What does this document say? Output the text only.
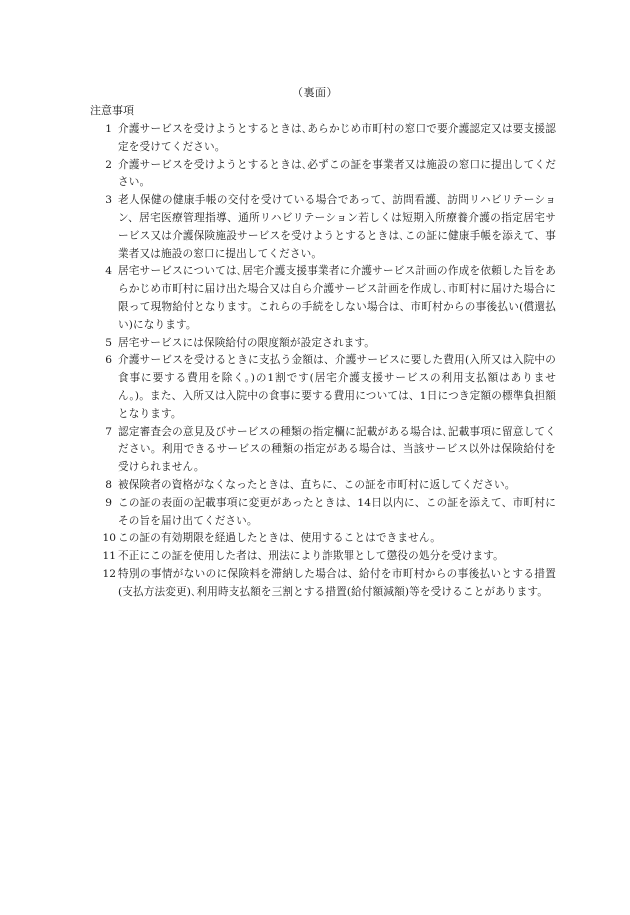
（裏面）
注意事項
1 介護サービスを受けようとするときは､あらかじめ市町村の窓口で要介護認定又は要支援認定を受けてください。
2 介護サービスを受けようとするときは､必ずこの証を事業者又は施設の窓口に提出してください。
3 老人保健の健康手帳の交付を受けている場合であって、訪問看護、訪問リハビリテーション、居宅医療管理指導、通所リハビリテーション若しくは短期入所療養介護の指定居宅サービス又は介護保険施設サービスを受けようとするときは､この証に健康手帳を添えて、事業者又は施設の窓口に提出してください。
4 居宅サービスについては､居宅介護支援事業者に介護サービス計画の作成を依頼した旨をあらかじめ市町村に届け出た場合又は自ら介護サービス計画を作成し､市町村に届けた場合に限って現物給付となります。これらの手続をしない場合は、市町村からの事後払い(償還払い)になります。
5 居宅サービスには保険給付の限度額が設定されます。
6 介護サービスを受けるときに支払う金額は、介護サービスに要した費用(入所又は入院中の食事に要する費用を除く。)の1割です(居宅介護支援サービスの利用支払額はありません。)。また、入所又は入院中の食事に要する費用については、1日につき定額の標準負担額となります。
7 認定審査会の意見及びサービスの種類の指定欄に記載がある場合は､記載事項に留意してください。利用できるサービスの種類の指定がある場合は、当該サービス以外は保険給付を受けられません。
8 被保険者の資格がなくなったときは、直ちに、この証を市町村に返してください。
9 この証の表面の記載事項に変更があったときは、14日以内に、この証を添えて、市町村にその旨を届け出てください。
10 この証の有効期限を経過したときは、使用することはできません。
11 不正にこの証を使用した者は、刑法により詐欺罪として懲役の処分を受けます。
12 特別の事情がないのに保険料を滞納した場合は、給付を市町村からの事後払いとする措置(支払方法変更)､利用時支払額を三割とする措置(給付額減額)等を受けることがあります。
